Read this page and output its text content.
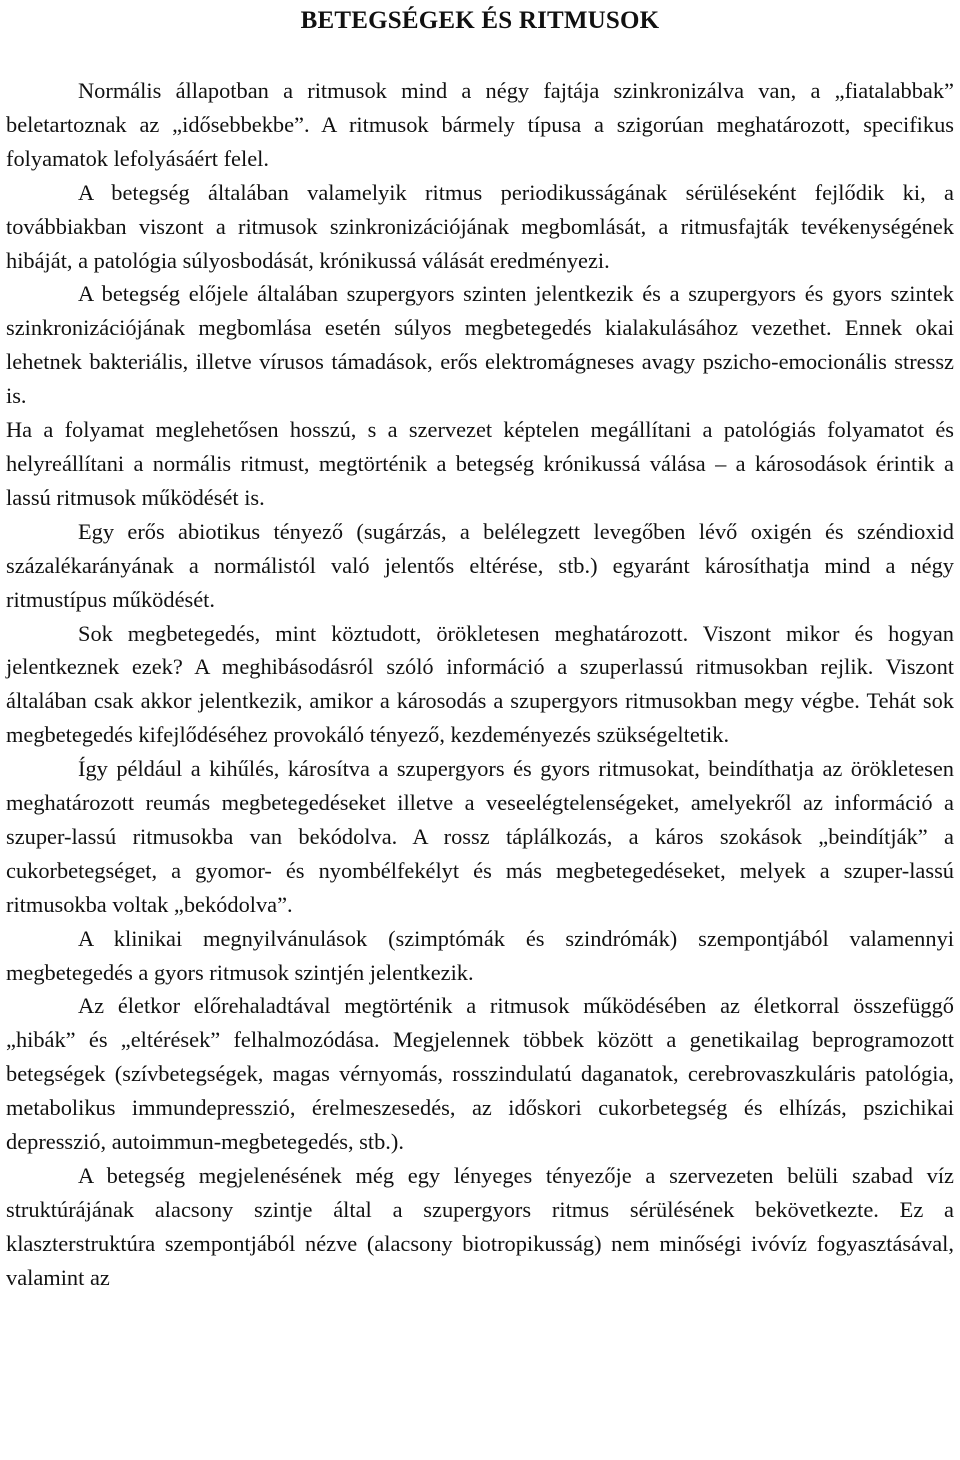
BETEGSÉGEK ÉS RITMUSOK

Normális állapotban a ritmusok mind a négy fajtája szinkronizálva van, a „fiatalabbak” beletartoznak az „idősebbekbe”. A ritmusok bármely típusa a szigorúan meghatározott, specifikus folyamatok lefolyásáért felel.

A betegség általában valamelyik ritmus periodikusságának sérüléseként fejlődik ki, a továbbiakban viszont a ritmusok szinkronizációjának megbomlását, a ritmusfajták tevékenységének hibáját, a patológia súlyosbodását, krónikussá válását eredményezi.

A betegség előjele általában szupergyors szinten jelentkezik és a szupergyors és gyors szintek szinkronizációjának megbomlása esetén súlyos megbetegedés kialakulásához vezethet. Ennek okai lehetnek bakteriális, illetve vírusos támadások, erős elektromágneses avagy pszicho-emocionális stressz is.

Ha a folyamat meglehetősen hosszú, s a szervezet képtelen megállítani a patológiás folyamatot és helyreállítani a normális ritmust, megtörténik a betegség krónikussá válása – a károsodások érintik a lassú ritmusok működését is.

Egy erős abiotikus tényező (sugárzás, a belélegzett levegőben lévő oxigén és széndioxid százalékarányának a normálistól való jelentős eltérése, stb.) egyaránt károsíthatja mind a négy ritmustípus működését.

Sok megbetegedés, mint köztudott, örökletesen meghatározott. Viszont mikor és hogyan jelentkeznek ezek? A meghibásodásról szóló információ a szuperlassú ritmusokban rejlik. Viszont általában csak akkor jelentkezik, amikor a károsodás a szupergyors ritmusokban megy végbe. Tehát sok megbetegedés kifejlődéséhez provokáló tényező, kezdeményezés szükségeltetik.

Így például a kihűlés, károsítva a szupergyors és gyors ritmusokat, beindíthatja az örökletesen meghatározott reumás megbetegedéseket illetve a veseelégtelenségeket, amelyekről az információ a szuper-lassú ritmusokba van bekódolva. A rossz táplálkozás, a káros szokások „beindítják” a cukorbetegséget, a gyomor- és nyombélfekélyt és más megbetegedéseket, melyek a szuper-lassú ritmusokba voltak „bekódolva”.

A klinikai megnyilvánulások (szimptómák és szindrómák) szempontjából valamennyi megbetegedés a gyors ritmusok szintjén jelentkezik.

Az életkor előrehaladtával megtörténik a ritmusok működésében az életkorral összefüggő „hibák” és „eltérések” felhalmozódása. Megjelennek többek között a genetikailag beprogramozott betegségek (szívbetegségek, magas vérnyomás, rosszindulatú daganatok, cerebrovaszkuláris patológia, metabolikus immundepresszió, érelmeszesedés, az időskori cukorbetegség és elhízás, pszichikai depresszió, autoimmun-megbetegedés, stb.).

A betegség megjelenésének még egy lényeges tényezője a szervezeten belüli szabad víz struktúrájának alacsony szintje által a szupergyors ritmus sérülésének bekövetkezte. Ez a klaszterstruktúra szempontjából nézve (alacsony biotropikusság) nem minőségi ivóvíz fogyasztásával, valamint az
